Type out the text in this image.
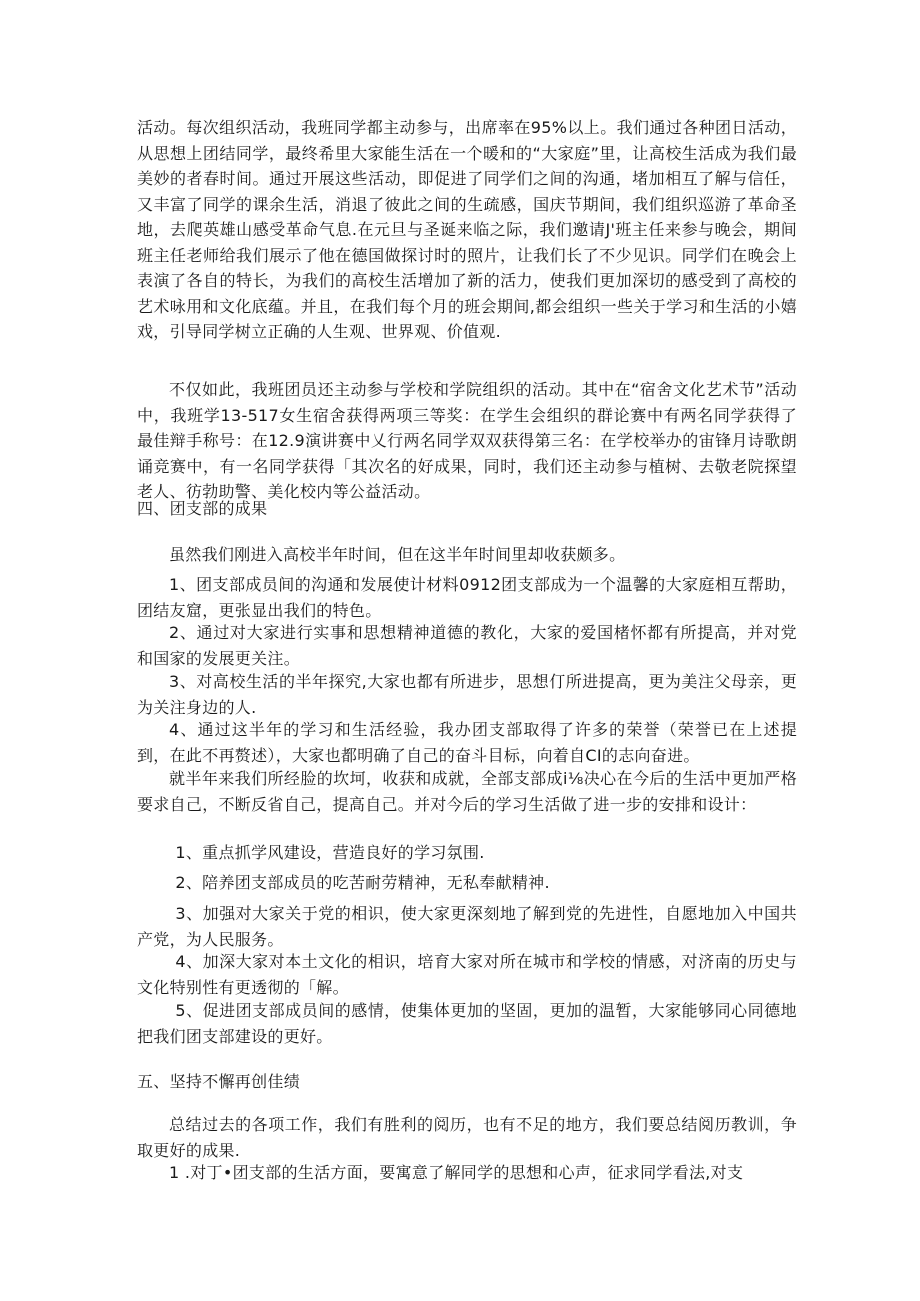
活动。每次组织活动，我班同学都主动参与，出席率在95%以上。我们通过各种团日活动，从思想上团结同学，最终希里大家能生活在一个暖和的“大家庭”里，让高校生活成为我们最美妙的者春时间。通过开展这些活动，即促进了同学们之间的沟通，堵加相互了解与信任，又丰富了同学的课余生活，消退了彼此之间的生疏感，国庆节期间，我们组织巡游了革命圣地，去爬英雄山感受革命气息.在元旦与圣诞来临之际，我们邀请J'班主任来参与晚会，期间班主任老师给我们展示了他在德国做探讨时的照片，让我们长了不少见识。同学们在晚会上表演了各自的特长，为我们的高校生活增加了新的活力，使我们更加深切的感受到了高校的艺术咏用和文化底蕴。并且，在我们每个月的班会期间,都会组织一些关于学习和生活的小嬉戏，引导同学树立正确的人生观、世界观、价值观.

不仅如此，我班团员还主动参与学校和学院组织的活动。其中在“宿舍文化艺术节”活动中，我班学13-517女生宿舍获得两项三等奖：在学生会组织的群论赛中有两名同学获得了最佳辩手称号：在12.9演讲赛中乂行两名同学双双获得第三名：在学校举办的宙锋月诗歌朗诵竞赛中，有一名同学获得「其次名的好成果，同时，我们还主动参与植树、去敬老院探望老人、彷勃助警、美化校内等公益活动。

四、团支部的成果

虽然我们刚进入高校半年时间，但在这半年时间里却收获颇多。

1、团支部成员间的沟通和发展使计材料0912团支部成为一个温馨的大家庭相互帮助，团结友窟，更张显出我们的特色。

2、通过对大家进行实事和思想精神道德的教化，大家的爱国楮怀都有所提高，并对党和国家的发展更关注。

3、对高校生活的半年探究,大家也都有所进步，思想仃所进提高，更为美注父母亲，更为关注身边的人.

4、通过这半年的学习和生活经验，我办团支部取得了许多的荣誉（荣誉已在上述提到，在此不再赘述），大家也都明确了自己的奋斗目标，向着自CI的志向奋进。

就半年来我们所经脸的坎坷，收获和成就，全部支部成i⅛决心在今后的生活中更加严格要求自己，不断反省自己，提高自己。并对今后的学习生活做了进一步的安排和设计：

1、重点抓学风建设，营造良好的学习氛围.

2、陪养团支部成员的吃苦耐劳精神，无私奉献精神.

3、加强对大家关于党的相识，使大家更深刻地了解到党的先进性，自愿地加入中国共产党，为人民服务。

4、加深大家对本土文化的相识，培育大家对所在城市和学校的情感，对济南的历史与文化特别性有更透彻的「解。

5、促进团支部成员间的感情，使集体更加的坚固，更加的温暂，大家能够同心同德地把我们团支部建设的更好。

五、坚持不懈再创佳绩

总结过去的各项工作，我们有胜利的阅历，也有不足的地方，我们要总结阅历教训，争取更好的成果.

1 .对丁•团支部的生活方面，要寓意了解同学的思想和心声，征求同学看法,对支
